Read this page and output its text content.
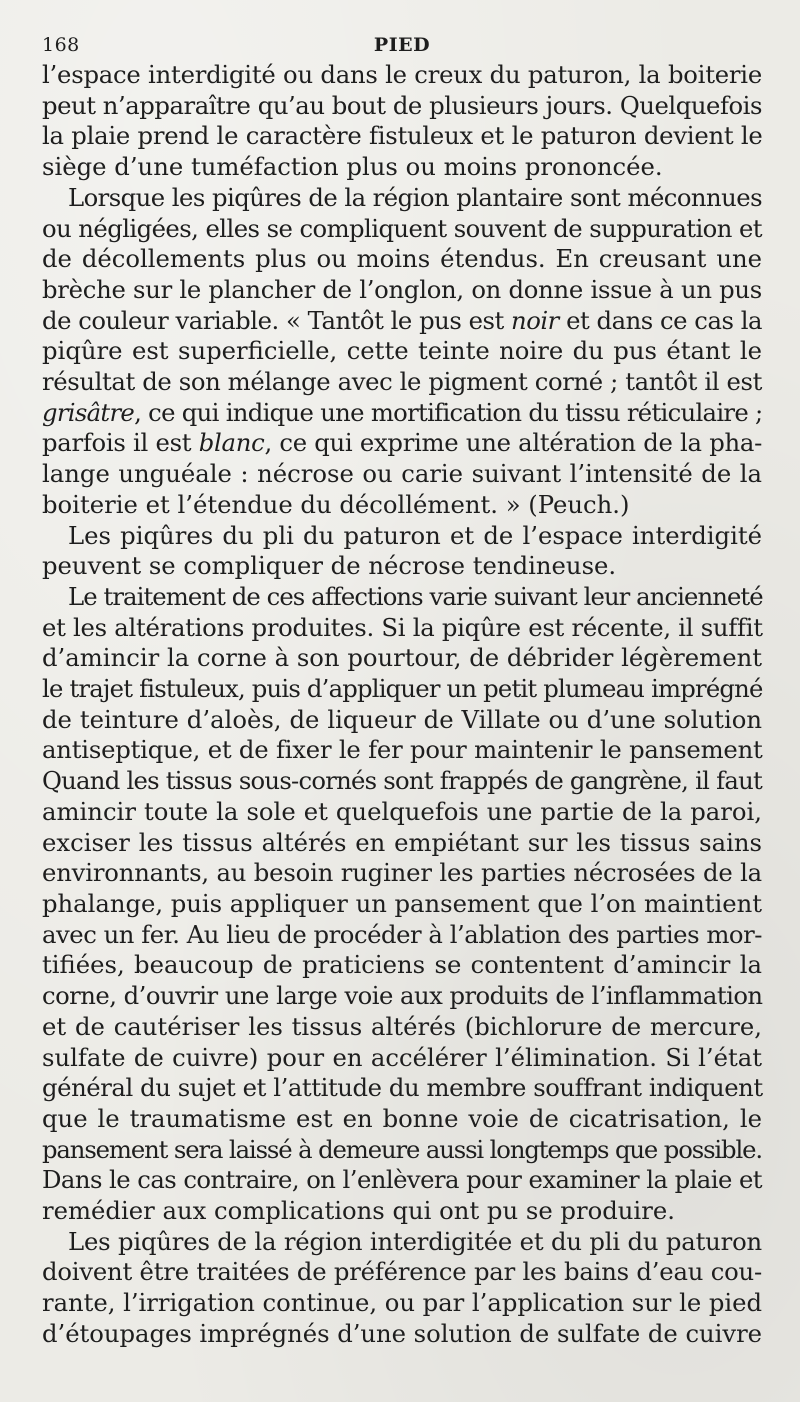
168	PIED

l’espace interdigité ou dans le creux du paturon, la boiterie
peut n’apparaître qu’au bout de plusieurs jours. Quelquefois
la plaie prend le caractère fistuleux et le paturon devient le
siège d’une tuméfaction plus ou moins prononcée.

Lorsque les piqûres de la région plantaire sont méconnues
ou négligées, elles se compliquent souvent de suppuration et
de décollements plus ou moins étendus. En creusant une
brèche sur le plancher de l’onglon, on donne issue à un pus
de couleur variable. « Tantôt le pus est noir et dans ce cas la
piqûre est superficielle, cette teinte noire du pus étant le
résultat de son mélange avec le pigment corné ; tantôt il est
grisâtre, ce qui indique une mortification du tissu réticulaire ;
parfois il est blanc, ce qui exprime une altération de la pha-
lange unguéale : nécrose ou carie suivant l’intensité de la
boiterie et l’étendue du décollément. » (Peuch.)

Les piqûres du pli du paturon et de l’espace interdigité
peuvent se compliquer de nécrose tendineuse.

Le traitement de ces affections varie suivant leur ancienneté
et les altérations produites. Si la piqûre est récente, il suffit
d’amincir la corne à son pourtour, de débrider légèrement
le trajet fistuleux, puis d’appliquer un petit plumeau imprégné
de teinture d’aloès, de liqueur de Villate ou d’une solution
antiseptique, et de fixer le fer pour maintenir le pansement
Quand les tissus sous-cornés sont frappés de gangrène, il faut
amincir toute la sole et quelquefois une partie de la paroi,
exciser les tissus altérés en empiétant sur les tissus sains
environnants, au besoin ruginer les parties nécrosées de la
phalange, puis appliquer un pansement que l’on maintient
avec un fer. Au lieu de procéder à l’ablation des parties mor-
tifiées, beaucoup de praticiens se contentent d’amincir la
corne, d’ouvrir une large voie aux produits de l’inflammation
et de cautériser les tissus altérés (bichlorure de mercure,
sulfate de cuivre) pour en accélérer l’élimination. Si l’état
général du sujet et l’attitude du membre souffrant indiquent
que le traumatisme est en bonne voie de cicatrisation, le
pansement sera laissé à demeure aussi longtemps que possible.
Dans le cas contraire, on l’enlèvera pour examiner la plaie et
remédier aux complications qui ont pu se produire.

Les piqûres de la région interdigitée et du pli du paturon
doivent être traitées de préférence par les bains d’eau cou-
rante, l’irrigation continue, ou par l’application sur le pied
d’étoupages imprégnés d’une solution de sulfate de cuivre
